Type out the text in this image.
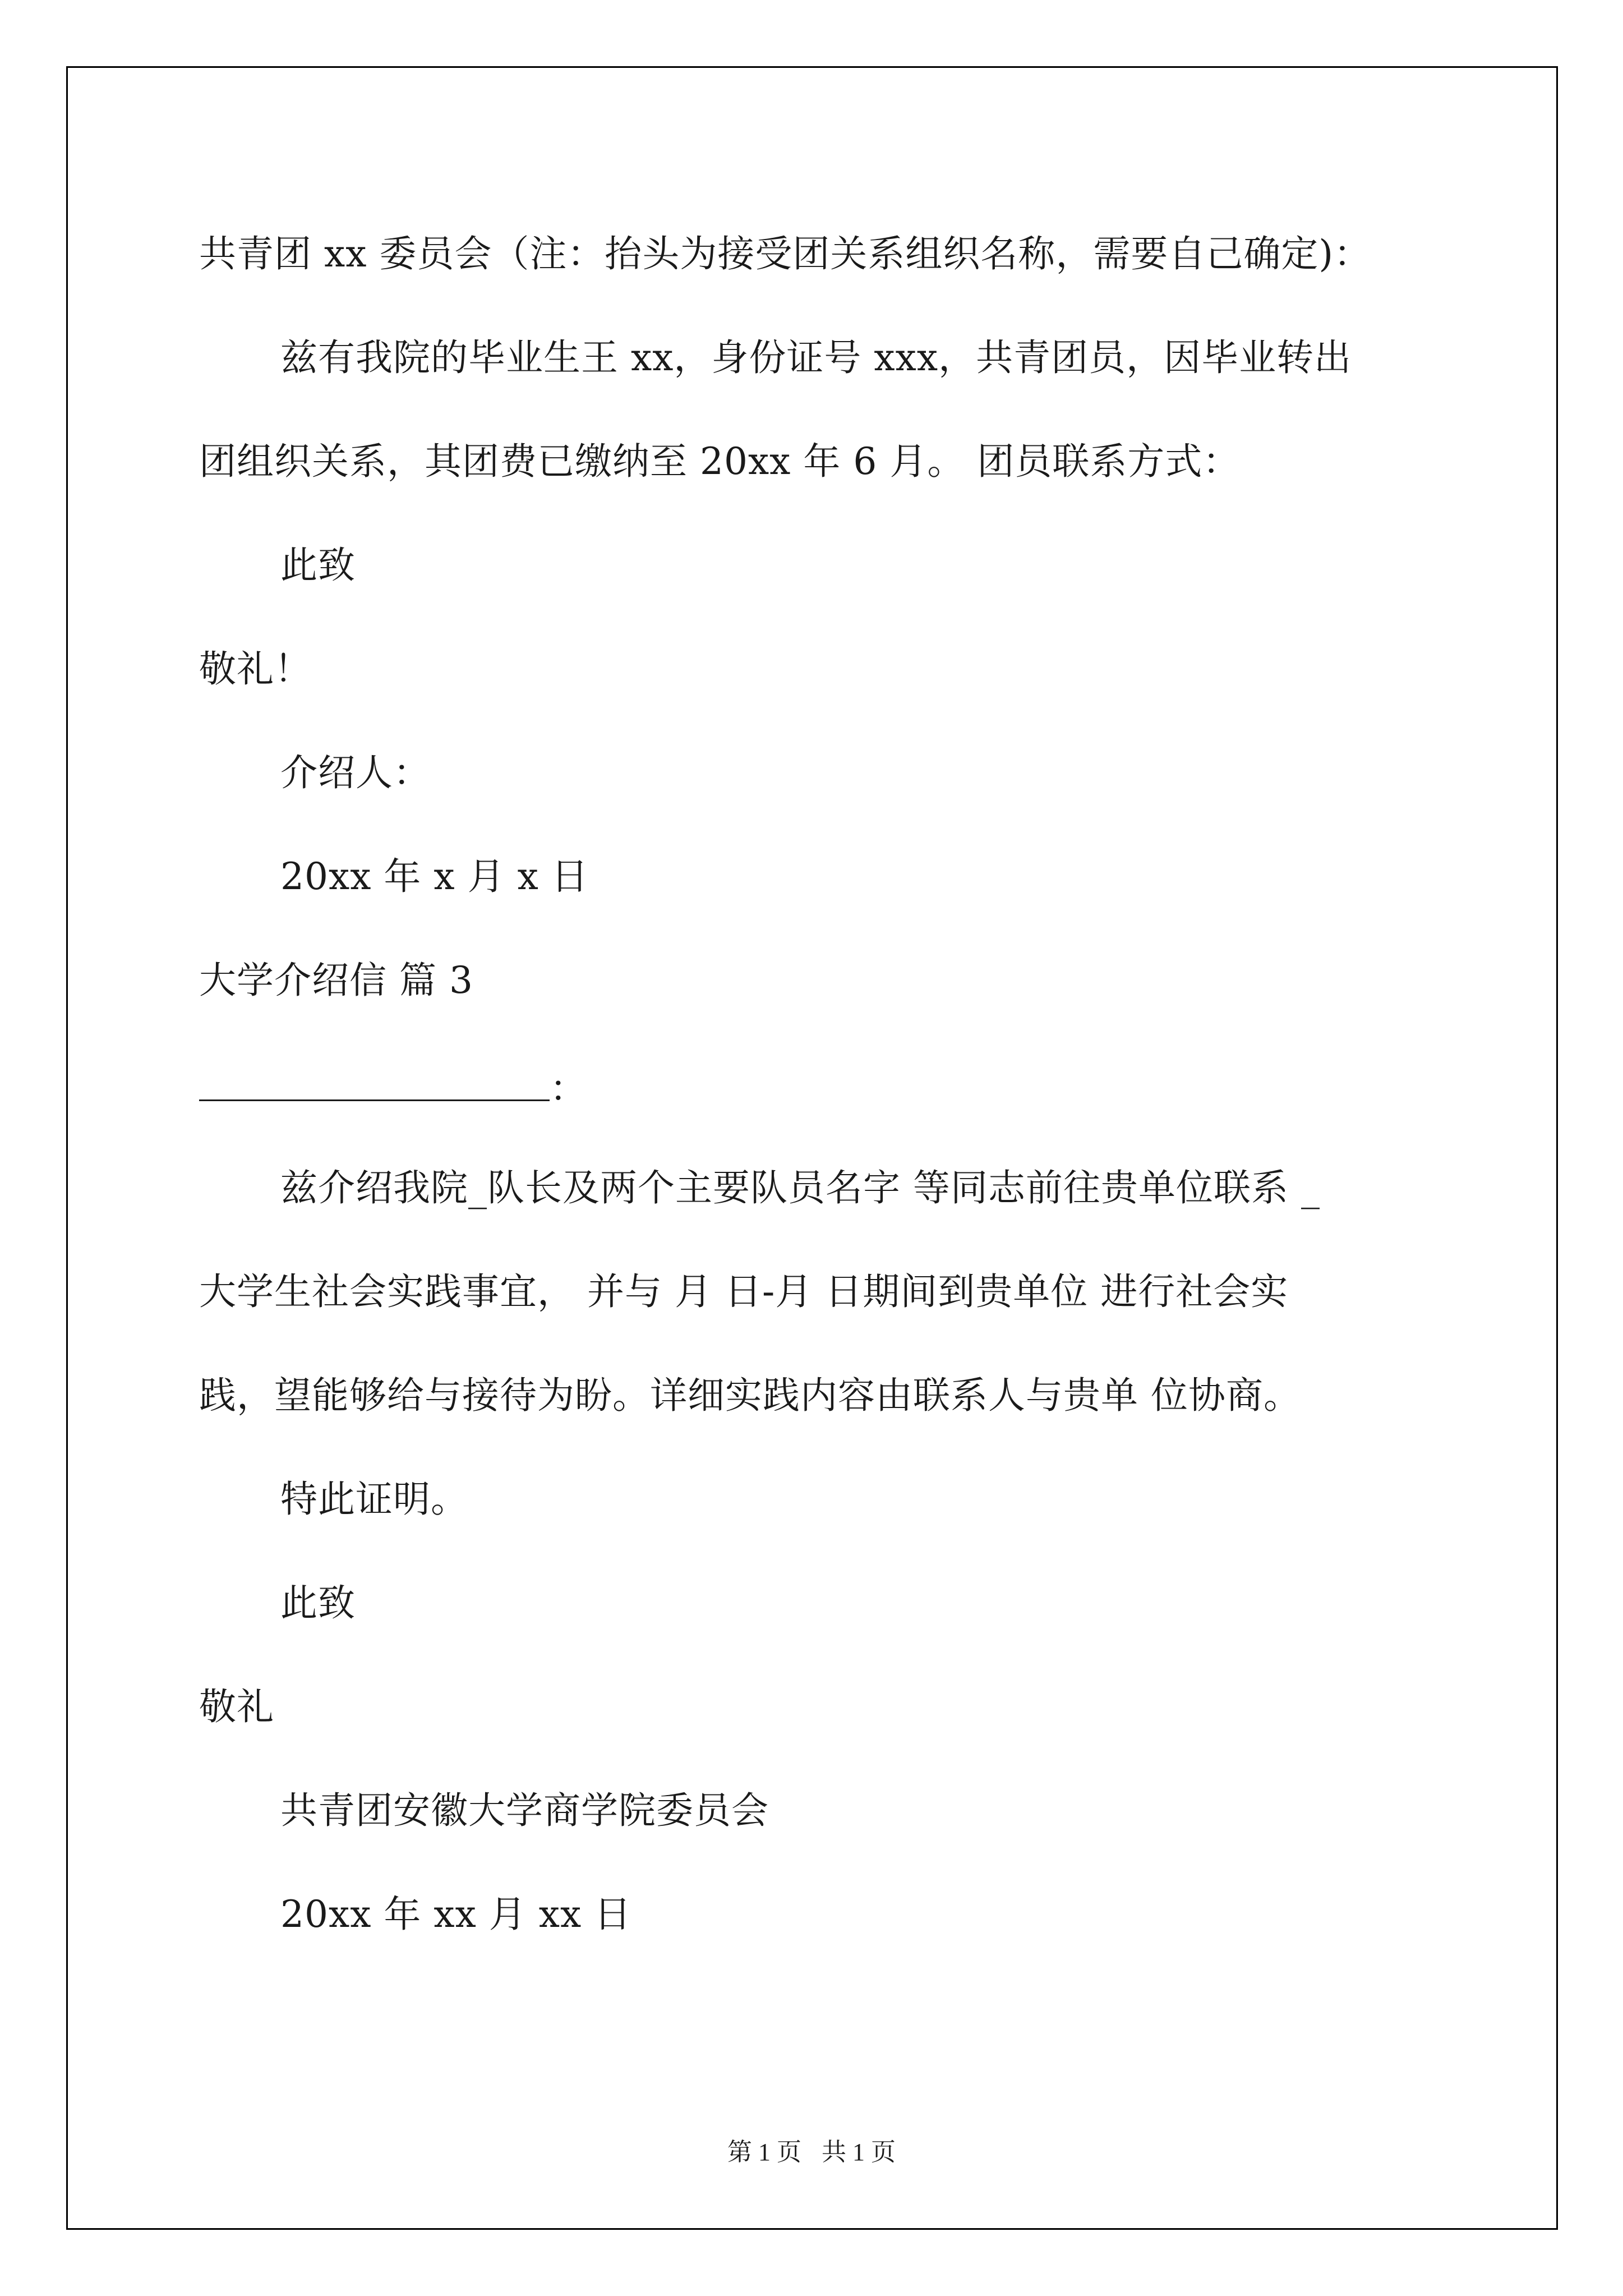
共青团 xx 委员会（注：抬头为接受团关系组织名称，需要自己确定)：
兹有我院的毕业生王 xx，身份证号 xxx，共青团员，因毕业转出
团组织关系，其团费已缴纳至 20xx 年 6 月。 团员联系方式：
此致
敬礼！
介绍人：
20xx 年 x 月 x 日
大学介绍信 篇 3
：
兹介绍我院_队长及两个主要队员名字 等同志前往贵单位联系 _
大学生社会实践事宜， 并与 月 日-月 日期间到贵单位 进行社会实
践，望能够给与接待为盼。详细实践内容由联系人与贵单 位协商。
特此证明。
此致
敬礼
共青团安徽大学商学院委员会
20xx 年 xx 月 xx 日
第 1 页 共 1 页
